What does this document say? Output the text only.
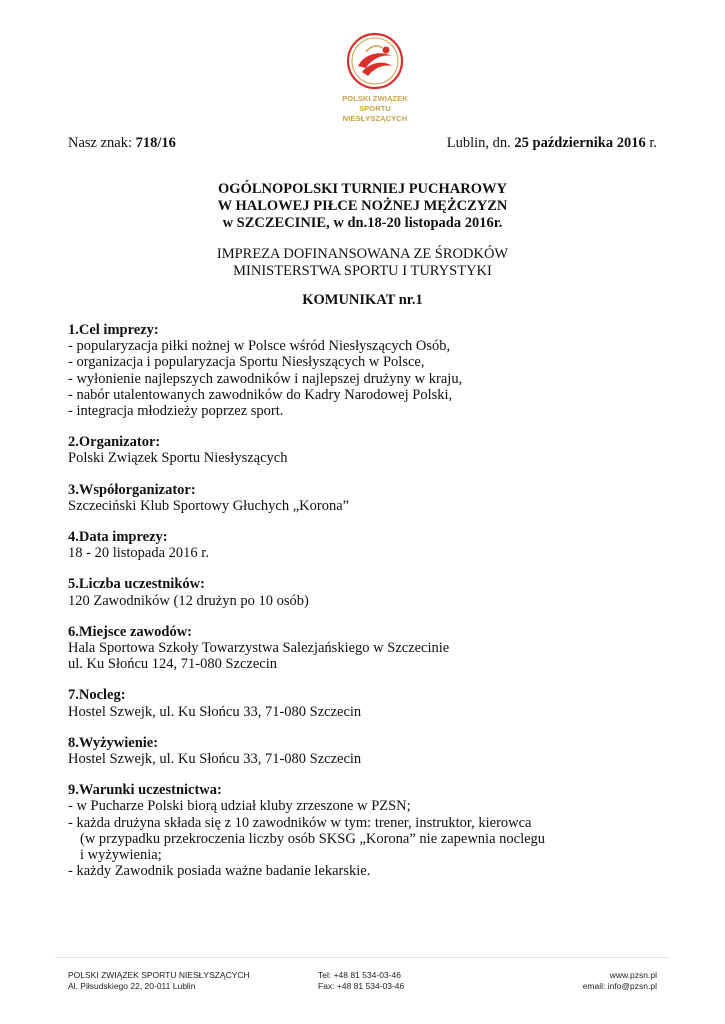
POLSKI ZWIĄZEK
SPORTU NIESŁYSZĄCYCH
Nasz znak: 718/16	Lublin, dn. 25 października 2016 r.
OGÓLNOPOLSKI TURNIEJ PUCHAROWY
W HALOWEJ PIŁCE NOŻNEJ MĘŻCZYZN
w SZCZECINIE, w dn.18-20 listopada 2016r.
IMPREZA DOFINANSOWANA ZE ŚRODKÓW
MINISTERSTWA SPORTU I TURYSTYKI
KOMUNIKAT nr.1
1.Cel imprezy:
- popularyzacja piłki nożnej w Polsce wśród Niesłyszących Osób,
- organizacja i popularyzacja Sportu Niesłyszących w Polsce,
- wyłonienie najlepszych zawodników i najlepszej drużyny w kraju,
- nabór utalentowanych zawodników do Kadry Narodowej Polski,
- integracja młodzieży poprzez sport.
2.Organizator:
Polski Związek Sportu Niesłyszących
3.Współorganizator:
Szczeciński Klub Sportowy Głuchych „Korona”
4.Data imprezy:
18 - 20 listopada 2016 r.
5.Liczba uczestników:
120 Zawodników (12 drużyn po 10 osób)
6.Miejsce zawodów:
Hala Sportowa Szkoły Towarzystwa Salezjańskiego w Szczecinie
ul. Ku Słońcu 124, 71-080 Szczecin
7.Nocleg:
Hostel Szwejk, ul. Ku Słońcu 33, 71-080 Szczecin
8.Wyżywienie:
Hostel Szwejk, ul. Ku Słońcu 33, 71-080 Szczecin
9.Warunki uczestnictwa:
- w Pucharze Polski biorą udział kluby zrzeszone w PZSN;
- każda drużyna składa się z 10 zawodników w tym: trener, instruktor, kierowca
(w przypadku przekroczenia liczby osób SKSG „Korona” nie zapewnia noclegu
i wyżywienia;
- każdy Zawodnik posiada ważne badanie lekarskie.
POLSKI ZWIĄZEK SPORTU NIESŁYSZĄCYCH
Al. Piłsudskiego 22, 20-011 Lublin
Tel: +48 81 534-03-46
Fax: +48 81 534-03-46
www.pzsn.pl
email: info@pzsn.pl
